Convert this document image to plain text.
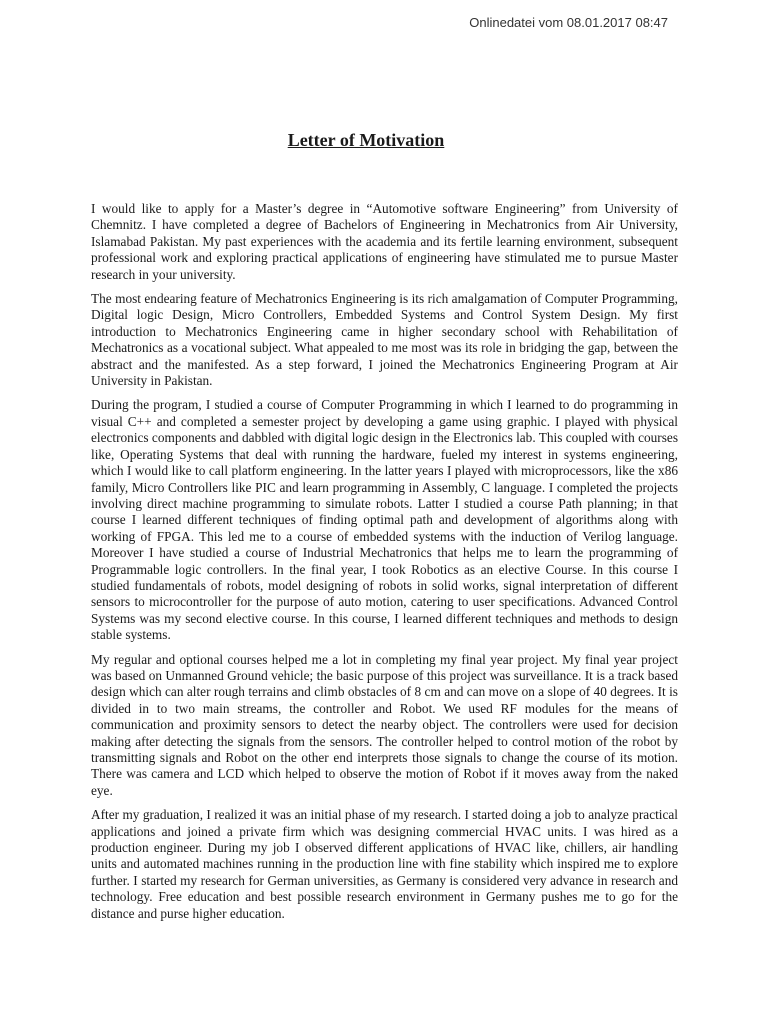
Onlinedatei vom 08.01.2017 08:47
Letter of Motivation

I would like to apply for a Master’s degree in “Automotive software Engineering” from University of Chemnitz. I have completed a degree of Bachelors of Engineering in Mechatronics from Air University, Islamabad Pakistan. My past experiences with the academia and its fertile learning environment, subsequent professional work and exploring practical applications of engineering have stimulated me to pursue Master research in your university.

The most endearing feature of Mechatronics Engineering is its rich amalgamation of Computer Programming, Digital logic Design, Micro Controllers, Embedded Systems and Control System Design. My first introduction to Mechatronics Engineering came in higher secondary school with Rehabilitation of Mechatronics as a vocational subject. What appealed to me most was its role in bridging the gap, between the abstract and the manifested. As a step forward, I joined the Mechatronics Engineering Program at Air University in Pakistan.

During the program, I studied a course of Computer Programming in which I learned to do programming in visual C++ and completed a semester project by developing a game using graphic. I played with physical electronics components and dabbled with digital logic design in the Electronics lab. This coupled with courses like, Operating Systems that deal with running the hardware, fueled my interest in systems engineering, which I would like to call platform engineering. In the latter years I played with microprocessors, like the x86 family, Micro Controllers like PIC and learn programming in Assembly, C language. I completed the projects involving direct machine programming to simulate robots. Latter I studied a course Path planning; in that course I learned different techniques of finding optimal path and development of algorithms along with working of FPGA. This led me to a course of embedded systems with the induction of Verilog language. Moreover I have studied a course of Industrial Mechatronics that helps me to learn the programming of Programmable logic controllers. In the final year, I took Robotics as an elective Course. In this course I studied fundamentals of robots, model designing of robots in solid works, signal interpretation of different sensors to microcontroller for the purpose of auto motion, catering to user specifications. Advanced Control Systems was my second elective course. In this course, I learned different techniques and methods to design stable systems.

My regular and optional courses helped me a lot in completing my final year project. My final year project was based on Unmanned Ground vehicle; the basic purpose of this project was surveillance. It is a track based design which can alter rough terrains and climb obstacles of 8 cm and can move on a slope of 40 degrees. It is divided in to two main streams, the controller and Robot. We used RF modules for the means of communication and proximity sensors to detect the nearby object. The controllers were used for decision making after detecting the signals from the sensors. The controller helped to control motion of the robot by transmitting signals and Robot on the other end interprets those signals to change the course of its motion. There was camera and LCD which helped to observe the motion of Robot if it moves away from the naked eye.

After my graduation, I realized it was an initial phase of my research. I started doing a job to analyze practical applications and joined a private firm which was designing commercial HVAC units. I was hired as a production engineer. During my job I observed different applications of HVAC like, chillers, air handling units and automated machines running in the production line with fine stability which inspired me to explore further. I started my research for German universities, as Germany is considered very advance in research and technology. Free education and best possible research environment in Germany pushes me to go for the distance and purse higher education.
